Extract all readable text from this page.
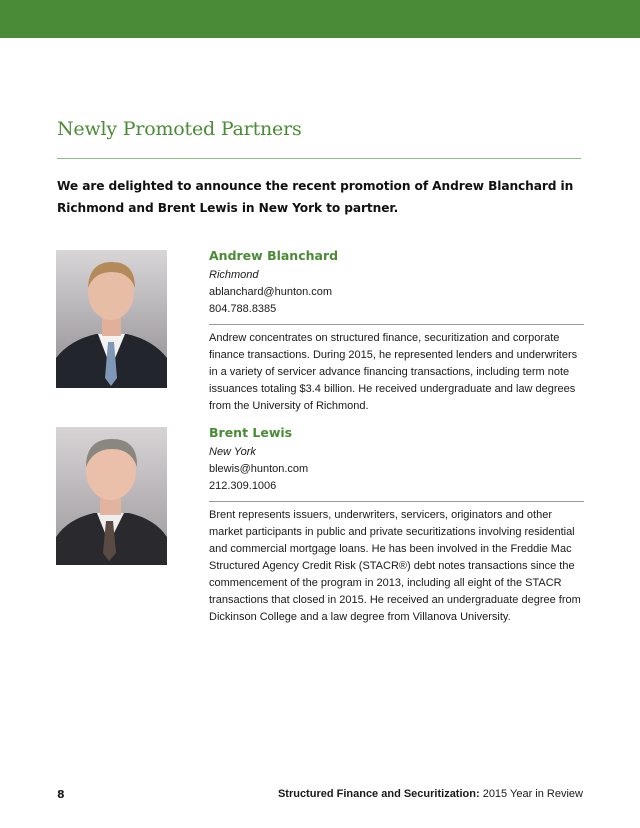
Newly Promoted Partners

We are delighted to announce the recent promotion of Andrew Blanchard in Richmond and Brent Lewis in New York to partner.

Andrew Blanchard

Richmond

ablanchard@hunton.com

804.788.8385

Andrew concentrates on structured finance, securitization and corporate finance transactions. During 2015, he represented lenders and underwriters in a variety of servicer advance financing transactions, including term note issuances totaling $3.4 billion. He received undergraduate and law degrees from the University of Richmond.

Brent Lewis

New York

blewis@hunton.com

212.309.1006

Brent represents issuers, underwriters, servicers, originators and other market participants in public and private securitizations involving residential and commercial mortgage loans. He has been involved in the Freddie Mac Structured Agency Credit Risk (STACR®) debt notes transactions since the commencement of the program in 2013, including all eight of the STACR transactions that closed in 2015. He received an undergraduate degree from Dickinson College and a law degree from Villanova University.

8	Structured Finance and Securitization: 2015 Year in Review
